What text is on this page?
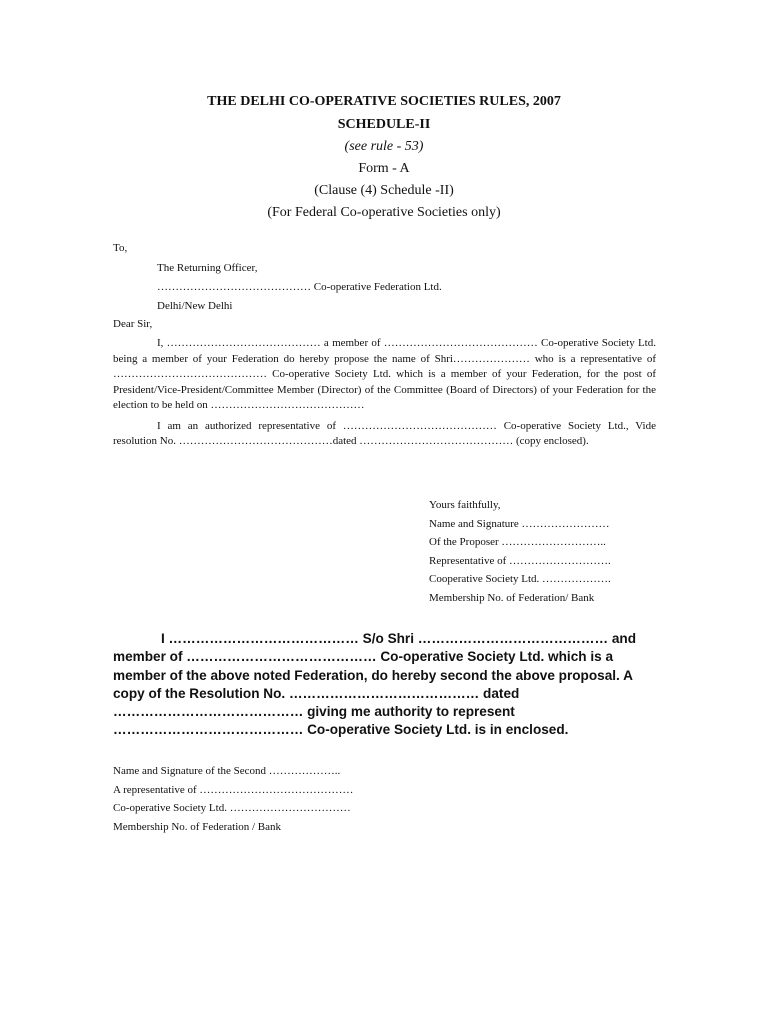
THE DELHI CO-OPERATIVE SOCIETIES RULES, 2007
SCHEDULE-II
(see rule - 53)
Form - A
(Clause (4) Schedule -II)
(For Federal Co-operative Societies only)
To,
The Returning Officer,
…………………………………… Co-operative Federation Ltd.
Delhi/New Delhi
Dear Sir,

I, …………………………………… a member of …………………………………… Co-operative Society Ltd. being a member of your Federation do hereby propose the name of Shri………………… who is a representative of …………………………………… Co-operative Society Ltd. which is a member of your Federation, for the post of President/Vice-President/Committee Member (Director) of the Committee (Board of Directors) of your Federation for the election to be held on ……………………………………

I am an authorized representative of …………………………………… Co-operative Society Ltd., Vide resolution No. ……………………………………dated …………………………………… (copy enclosed).

Yours faithfully,
Name and Signature ……………………
Of the Proposer ………………………..
Representative of ……………………….
Cooperative Society Ltd. ……………….
Membership No. of Federation/ Bank

I …………………………………… S/o Shri …………………………………… and member of …………………………………… Co-operative Society Ltd. which is a member of the above noted Federation, do hereby second the above proposal. A copy of the Resolution No. …………………………………… dated …………………………………… giving me authority to represent …………………………………… Co-operative Society Ltd. is in enclosed.

Name and Signature of the Second ………………..
A representative of ……………………………………
Co-operative Society Ltd. ……………………………
Membership No. of Federation / Bank
